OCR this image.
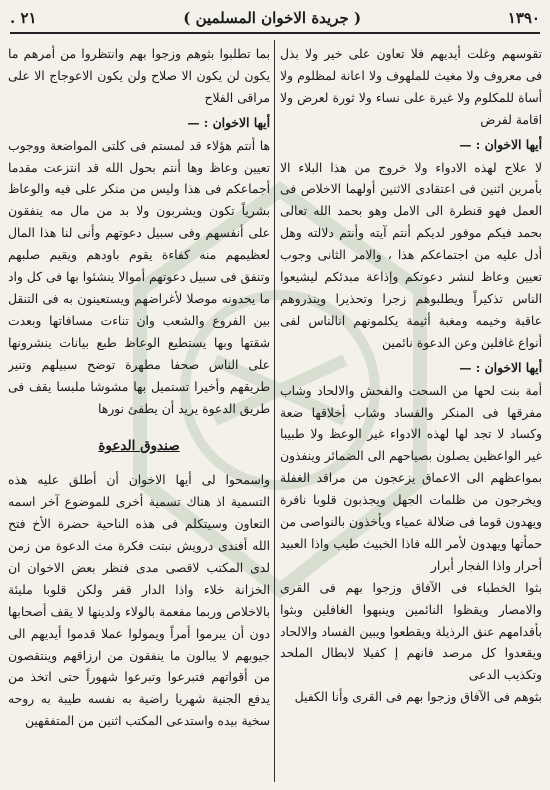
١٣٩٠
( جريدة الاخوان المسلمين )
٢١ .

تقوسهم وغلت أيديهم فلا تعاون على خير ولا بذل فى معروف ولا مغيث للملهوف ولا اعانة لمظلوم ولا أساة للمكلوم ولا غيرة على نساء ولا ثورة لعرض ولا اقامة لفرض

أيها الاخوان : —

لا علاج لهذه الادواء ولا خروج من هذا البلاء الا بأمرين اثنين فى اعتقادى الاثنين أولهما الاخلاص فى العمل فهو قنطرة الى الامل وهو بحمد الله تعالى بحمد فيكم موفور لديكم أنتم آيته وأنتم دلالته وهل أدل عليه من اجتماعكم هذا ، والامر الثانى وجوب تعيين وعاظ لنشر دعوتكم وإذاعة مبدئكم ليشيعوا الناس تذكيراً ويطلبوهم زجرا وتحذيرا وينذروهم عاقبة وخيمه ومغبة أثيمة يكلمونهم انالناس لفى أنواع غافلين وعن الدعوة نائمين

أيها الاخوان : —

أمة بنت لحها من السحت والفحش والالحاد وشاب مفرقها فى المنكر والفساد وشاب أخلاقها ضعة وكساد لا تجد لها لهذه الادواء غير الوعظ ولا طبيبا غير الواعظين يصلون بصياحهم الى الضمائر وينفذون بمواعظهم الى الاعماق يزعجون من مراقد الغفلة ويخرجون من ظلمات الجهل ويجذبون قلوبا نافرة ويهدون قوما فى ضلالة عمياء ويأخذون بالنواصى من حمأتها ويهدون لأمر الله فاذا الخبيث طيب واذا العبيد أحرار واذا الفجار أبرار

بثوا الخطباء فى الآفاق وزجوا بهم فى القرى والامصار ويقظوا النائمين وينبهوا الغافلين وبثوا بأقدامهم عنق الرذيلة ويقطعوا ويبين الفساد والالحاد ويقعدوا كل مرصد فانهم إ كفيلا لابطال الملحد وتكذيب الدعى

بثوهم فى الآفاق وزجوا بهم فى القرى وأنا الكفيل

بما تطلبوا بثوهم وزجوا بهم وانتظروا من أمرهم ما يكون لن يكون الا صلاح ولن يكون الاعوجاج الا على مراقى الفلاح

أيها الاخوان : —

ها أنتم هؤلاء قد لمستم فى كلتى المواضعة ووجوب تعيين وعاظ وها أنتم بحول الله قد انتزعت مقدما أجماعكم فى هذا وليس من منكر على فيه والوعاظ بشرياً تكون ويشربون ولا بد من مال مه ينفقون على أنفسهم وفى سبيل دعوتهم وأنى لنا هذا المال لعظيمهم منه كفاءة يقوم باودهم ويقيم صلبهم وتنفق فى سبيل دعوتهم أموالا ينشئوا بها فى كل واد ما يحدونه موصلا لأغراضهم ويستعينون به فى التنقل بين الفروع والشعب وان تناءت مسافاتها وبعدت شقتها وبها يستطيع الوعاظ طبع بيانات ينشرونها على الناس صحفا مطهرة توضح سبيلهم وتنير طريقهم وأخيرا تستميل بها مشوشا ملبسا يقف فى طريق الدعوة يريد أن يطفئ نورها

صندوق الدعوة

واسمحوا لى أيها الاخوان أن أطلق عليه هذه التسمية اذ هناك تسمية أخرى للموضوع آخر اسمه التعاون وسيتكلم فى هذه الناحية حضرة الأخ فتح الله أفندى درويش نبتت فكرة مث الدعوة من زمن لدى المكتب لاقصى مدى فنظر بعض الاخوان ان الخزانة خلاء واذا الدار قفر ولكن قلوبا مليئة بالاخلاص وربما مفعمة بالولاء ولدينها لا يقف أصحابها دون أن يبرموا أمراً ويمولوا عملا قدموا أيديهم الى جيوبهم لا يبالون ما ينفقون من ارزاقهم وينتقصون من أقواتهم فتبرعوا وتبرعوا شهوراً حتى اتخذ من يدفع الجنية شهريا راضية به نفسه طيبة به روحه سخية بيده واستدعى المكتب اثنين من المتفقهين
